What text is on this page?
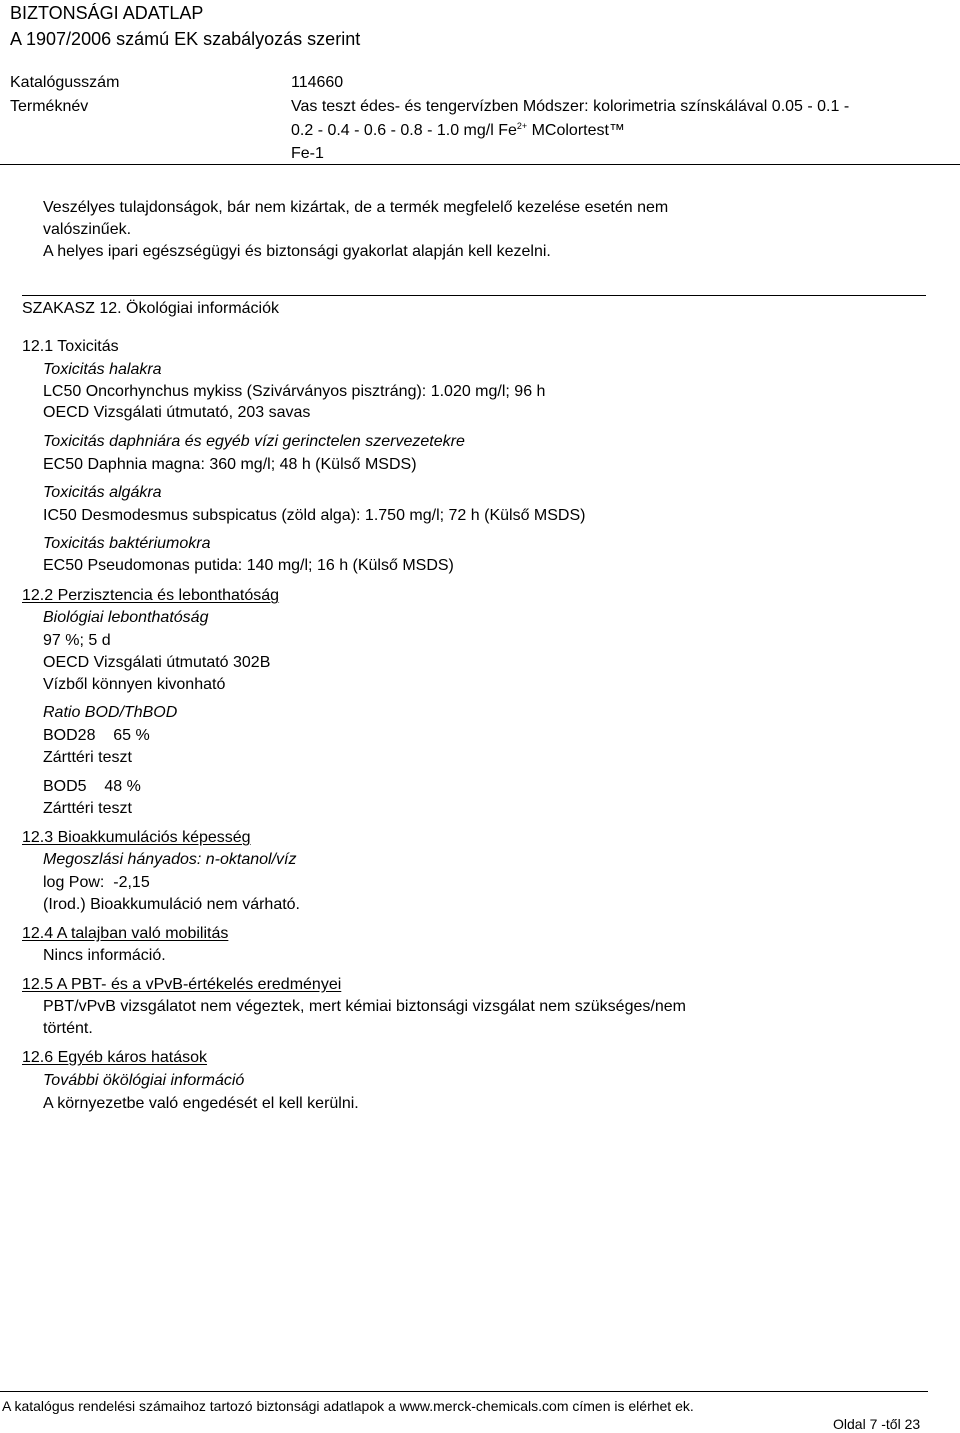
BIZTONSÁGI ADATLAP
A 1907/2006 számú EK szabályozás szerint
Katalógusszám	114660
Terméknév	Vas teszt édes- és tengervízben Módszer: kolorimetria színskálával 0.05 - 0.1 -
0.2 - 0.4 - 0.6 - 0.8 - 1.0 mg/l $Fe^{2+}$ MColortest™
Fe-1
Veszélyes tulajdonságok, bár nem kizártak, de a termék megfelelő kezelése esetén nem
valószinűek.
A helyes ipari egészségügyi és biztonsági gyakorlat alapján kell kezelni.
SZAKASZ 12. Ökológiai információk
12.1 Toxicitás
Toxicitás halakra
LC50 Oncorhynchus mykiss (Szivárványos pisztráng): 1.020 mg/l; 96 h
OECD Vizsgálati útmutató, 203 savas
Toxicitás daphniára és egyéb vízi gerinctelen szervezetekre
EC50 Daphnia magna: 360 mg/l; 48 h (Külső MSDS)
Toxicitás algákra
IC50 Desmodesmus subspicatus (zöld alga): 1.750 mg/l; 72 h (Külső MSDS)
Toxicitás baktériumokra
EC50 Pseudomonas putida: 140 mg/l; 16 h (Külső MSDS)
12.2 Perzisztencia és lebonthatóság
Biológiai lebonthatóság
97 %; 5 d
OECD Vizsgálati útmutató 302B
Vízből könnyen kivonható
Ratio BOD/ThBOD
BOD28    65 %
Zárttéri teszt
BOD5    48 %
Zárttéri teszt
12.3 Bioakkumulációs képesség
Megoszlási hányados: n-oktanol/víz
log Pow:  -2,15
(Irod.) Bioakkumuláció nem várható.
12.4 A talajban való mobilitás
Nincs információ.
12.5 A PBT- és a vPvB-értékelés eredményei
PBT/vPvB vizsgálatot nem végeztek, mert kémiai biztonsági vizsgálat nem szükséges/nem
történt.
12.6 Egyéb káros hatások
További ökölógiai információ
A környezetbe való engedését el kell kerülni.
A katalógus rendelési számaihoz tartozó biztonsági adatlapok a www.merck-chemicals.com címen is elérhet ek.
Oldal 7 -től 23
